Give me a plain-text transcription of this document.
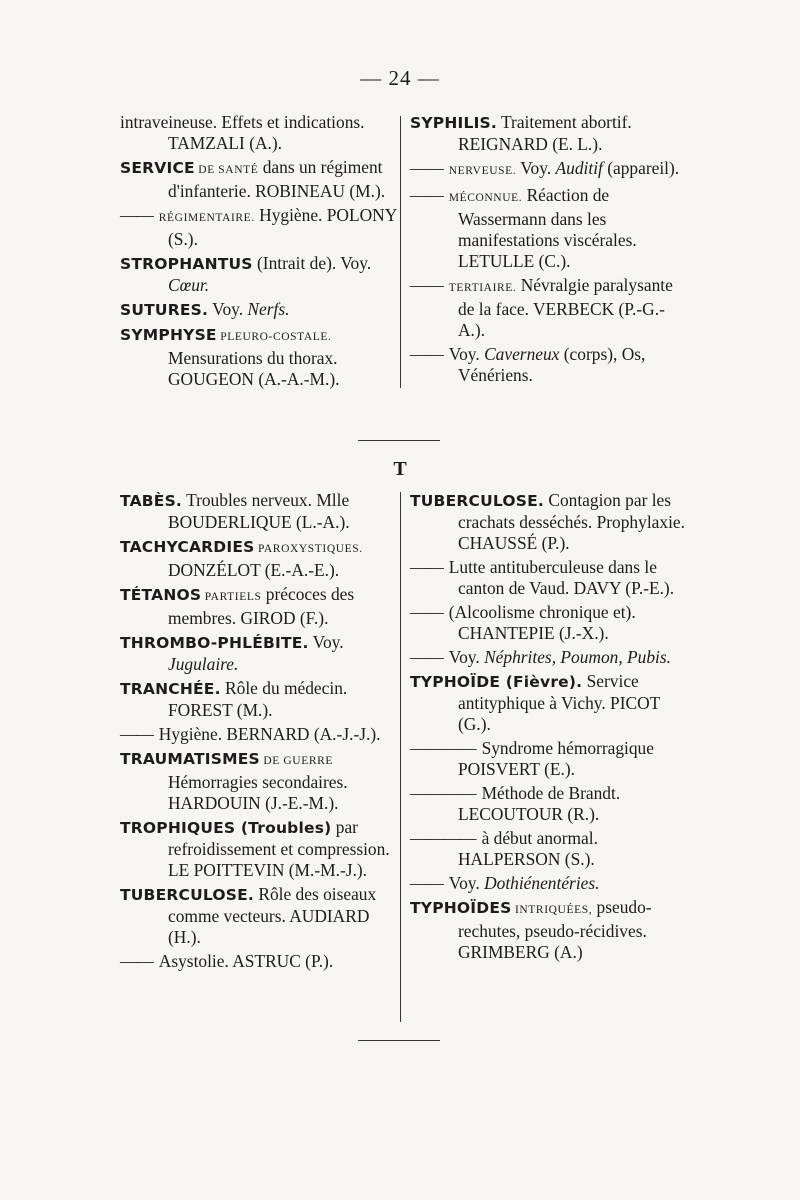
— 24 —
intraveineuse. Effets et indications. TAMZALI (A.).
SERVICE DE SANTÉ dans un régiment d'infanterie. ROBINEAU (M.).
—— RÉGIMENTAIRE. Hygiène. POLONY (S.).
STROPHANTUS (Intrait de). Voy. Cœur.
SUTURES. Voy. Nerfs.
SYMPHYSE PLEURO-COSTALE. Mensurations du thorax. GOUGEON (A.-A.-M.).
SYPHILIS. Traitement abortif. REIGNARD (E. L.).
—— NERVEUSE. Voy. Auditif (appareil).
—— MÉCONNUE. Réaction de Wassermann dans les manifestations viscérales. LETULLE (C.).
—— TERTIAIRE. Névralgie paralysante de la face. VERBECK (P.-G.-A.).
—— Voy. Caverneux (corps), Os, Vénériens.
T
TABÈS. Troubles nerveux. Mlle BOUDERLIQUE (L.-A.).
TACHYCARDIES PAROXYSTIQUES. DONZÉLOT (E.-A.-E.).
TÉTANOS PARTIELS précoces des membres. GIROD (F.).
THROMBO-PHLÉBITE. Voy. Jugulaire.
TRANCHÉE. Rôle du médecin. FOREST (M.).
—— Hygiène. BERNARD (A.-J.-J.).
TRAUMATISMES DE GUERRE Hémorragies secondaires. HARDOUIN (J.-E.-M.).
TROPHIQUES (Troubles) par refroidissement et compression. LE POITTEVIN (M.-M.-J.).
TUBERCULOSE. Rôle des oiseaux comme vecteurs. AUDIARD (H.).
—— Asystolie. ASTRUC (P.).
TUBERCULOSE. Contagion par les crachats desséchés. Prophylaxie. CHAUSSÉ (P.).
—— Lutte antituberculeuse dans le canton de Vaud. DAVY (P.-E.).
—— (Alcoolisme chronique et). CHANTEPIE (J.-X.).
—— Voy. Néphrites, Poumon, Pubis.
TYPHOÏDE (Fièvre). Service antityphique à Vichy. PICOT (G.).
———— Syndrome hémorragique POISVERT (E.).
———— Méthode de Brandt. LECOUTOUR (R.).
———— à début anormal. HALPERSON (S.).
—— Voy. Dothiénentéries.
TYPHOÏDES INTRIQUÉES, pseudo-rechutes, pseudo-récidives. GRIMBERG (A.)
